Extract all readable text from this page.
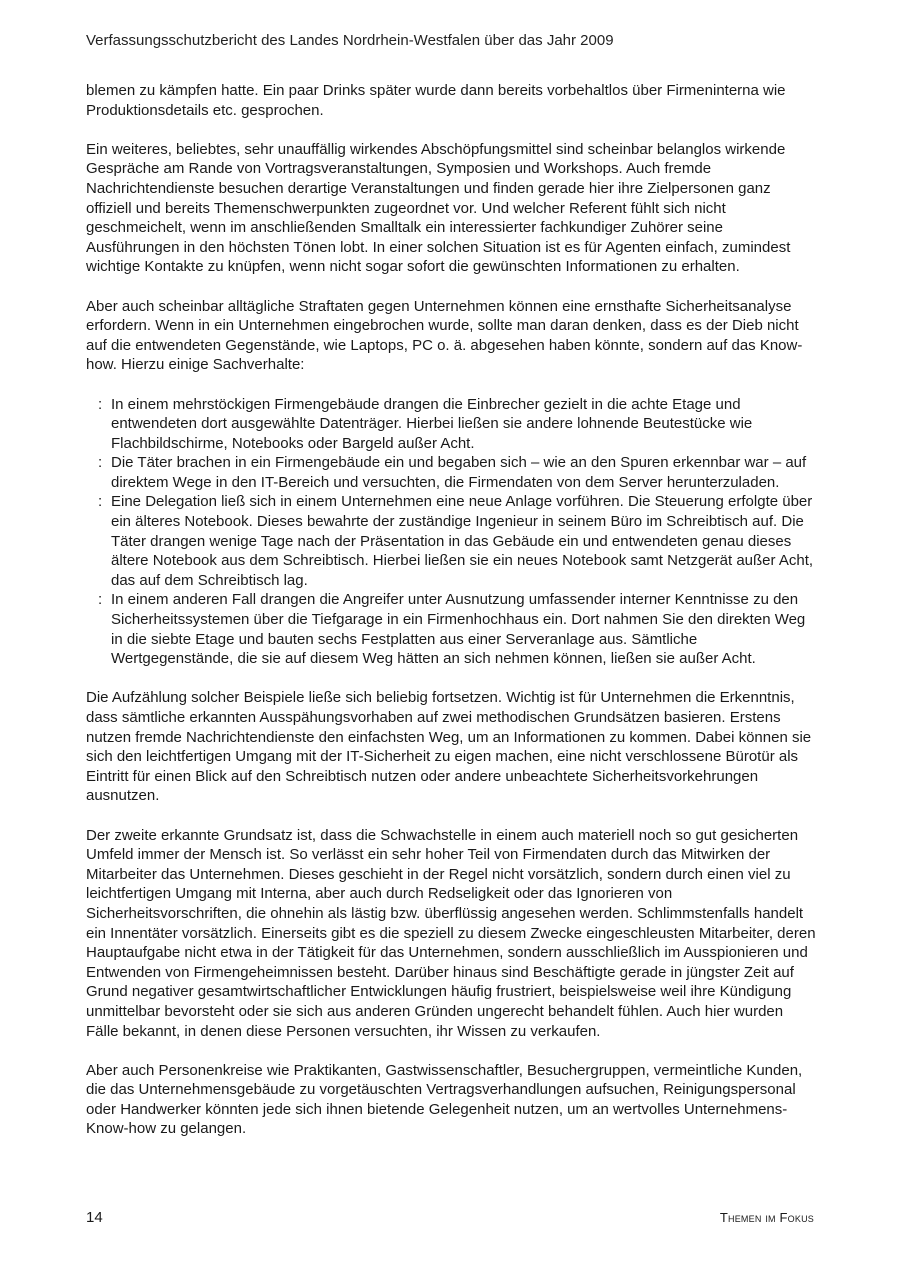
Verfassungsschutzbericht des Landes Nordrhein-Westfalen über das Jahr 2009

blemen zu kämpfen hatte. Ein paar Drinks später wurde dann bereits vorbehaltlos über Firmeninterna wie Produktionsdetails etc. gesprochen.

Ein weiteres, beliebtes, sehr unauffällig wirkendes Abschöpfungsmittel sind scheinbar belanglos wirkende Gespräche am Rande von Vortragsveranstaltungen, Symposien und Workshops. Auch fremde Nachrichtendienste besuchen derartige Veranstaltungen und finden gerade hier ihre Zielpersonen ganz offiziell und bereits Themenschwerpunkten zugeordnet vor. Und welcher Referent fühlt sich nicht geschmeichelt, wenn im anschließenden Smalltalk ein interessierter fachkundiger Zuhörer seine Ausführungen in den höchsten Tönen lobt. In einer solchen Situation ist es für Agenten einfach, zumindest wichtige Kontakte zu knüpfen, wenn nicht sogar sofort die gewünschten Informationen zu erhalten.

Aber auch scheinbar alltägliche Straftaten gegen Unternehmen können eine ernsthafte Sicherheitsanalyse erfordern. Wenn in ein Unternehmen eingebrochen wurde, sollte man daran denken, dass es der Dieb nicht auf die entwendeten Gegenstände, wie Laptops, PC o. ä. abgesehen haben könnte, sondern auf das Know-how. Hierzu einige Sachverhalte:

: In einem mehrstöckigen Firmengebäude drangen die Einbrecher gezielt in die achte Etage und entwendeten dort ausgewählte Datenträger. Hierbei ließen sie andere lohnende Beutestücke wie Flachbildschirme, Notebooks oder Bargeld außer Acht.
: Die Täter brachen in ein Firmengebäude ein und begaben sich – wie an den Spuren erkennbar war – auf direktem Wege in den IT-Bereich und versuchten, die Firmendaten von dem Server herunterzuladen.
: Eine Delegation ließ sich in einem Unternehmen eine neue Anlage vorführen. Die Steuerung erfolgte über ein älteres Notebook. Dieses bewahrte der zuständige Ingenieur in seinem Büro im Schreibtisch auf. Die Täter drangen wenige Tage nach der Präsentation in das Gebäude ein und entwendeten genau dieses ältere Notebook aus dem Schreibtisch. Hierbei ließen sie ein neues Notebook samt Netzgerät außer Acht, das auf dem Schreibtisch lag.
: In einem anderen Fall drangen die Angreifer unter Ausnutzung umfassender interner Kenntnisse zu den Sicherheitssystemen über die Tiefgarage in ein Firmenhochhaus ein. Dort nahmen Sie den direkten Weg in die siebte Etage und bauten sechs Festplatten aus einer Serveranlage aus. Sämtliche Wertgegenstände, die sie auf diesem Weg hätten an sich nehmen können, ließen sie außer Acht.

Die Aufzählung solcher Beispiele ließe sich beliebig fortsetzen. Wichtig ist für Unternehmen die Erkenntnis, dass sämtliche erkannten Ausspähungsvorhaben auf zwei methodischen Grundsätzen basieren. Erstens nutzen fremde Nachrichtendienste den einfachsten Weg, um an Informationen zu kommen. Dabei können sie sich den leichtfertigen Umgang mit der IT-Sicherheit zu eigen machen, eine nicht verschlossene Bürotür als Eintritt für einen Blick auf den Schreibtisch nutzen oder andere unbeachtete Sicherheitsvorkehrungen ausnutzen.

Der zweite erkannte Grundsatz ist, dass die Schwachstelle in einem auch materiell noch so gut gesicherten Umfeld immer der Mensch ist. So verlässt ein sehr hoher Teil von Firmendaten durch das Mitwirken der Mitarbeiter das Unternehmen. Dieses geschieht in der Regel nicht vorsätzlich, sondern durch einen viel zu leichtfertigen Umgang mit Interna, aber auch durch Redseligkeit oder das Ignorieren von Sicherheitsvorschriften, die ohnehin als lästig bzw. überflüssig angesehen werden. Schlimmstenfalls handelt ein Innentäter vorsätzlich. Einerseits gibt es die speziell zu diesem Zwecke eingeschleusten Mitarbeiter, deren Hauptaufgabe nicht etwa in der Tätigkeit für das Unternehmen, sondern ausschließlich im Ausspionieren und Entwenden von Firmengeheimnissen besteht. Darüber hinaus sind Beschäftigte gerade in jüngster Zeit auf Grund negativer gesamtwirtschaftlicher Entwicklungen häufig frustriert, beispielsweise weil ihre Kündigung unmittelbar bevorsteht oder sie sich aus anderen Gründen ungerecht behandelt fühlen. Auch hier wurden Fälle bekannt, in denen diese Personen versuchten, ihr Wissen zu verkaufen.

Aber auch Personenkreise wie Praktikanten, Gastwissenschaftler, Besuchergruppen, vermeintliche Kunden, die das Unternehmensgebäude zu vorgetäuschten Vertragsverhandlungen aufsuchen, Reinigungspersonal oder Handwerker könnten jede sich ihnen bietende Gelegenheit nutzen, um an wertvolles Unternehmens-Know-how zu gelangen.

14	Themen im Fokus
